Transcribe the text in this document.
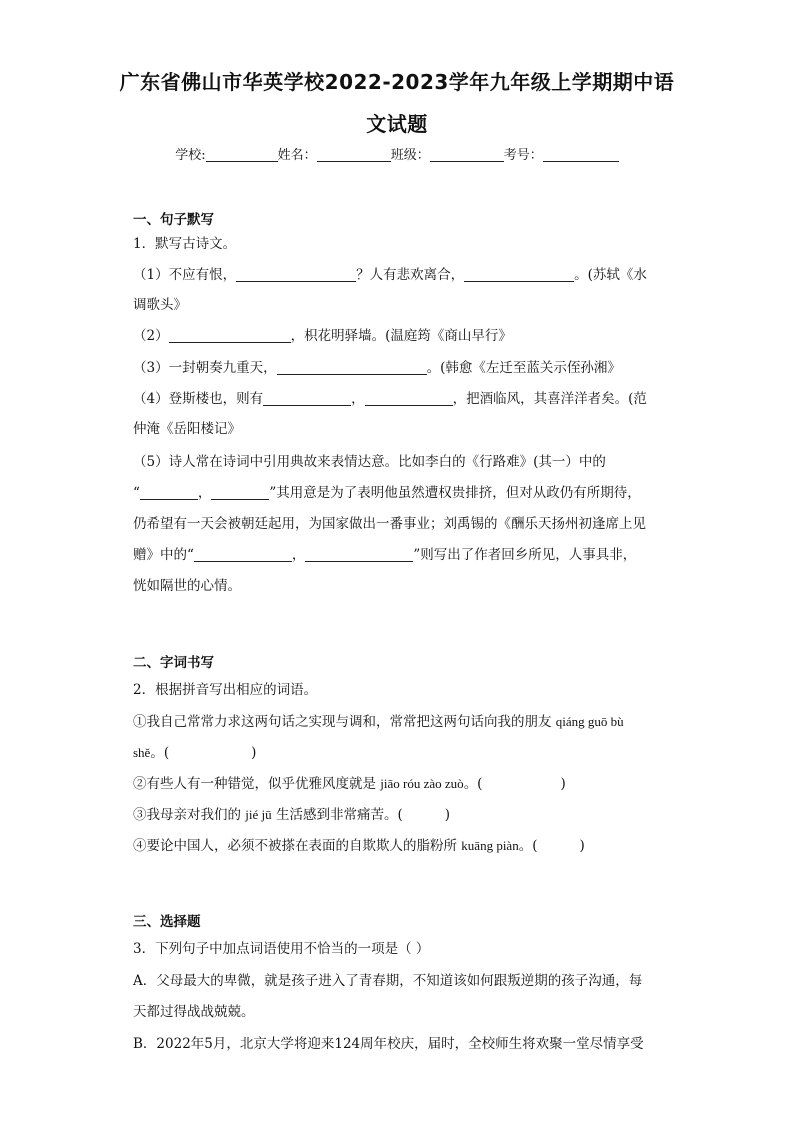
广东省佛山市华英学校2022-2023学年九年级上学期期中语
文试题
学校:	姓名：	班级：	考号：
一、句子默写
1．默写古诗文。
（1）不应有恨，	？人有悲欢离合，	。(苏轼《水
调歌头》
（2）	，枳花明驿墙。(温庭筠《商山早行》
（3）一封朝奏九重天，	。(韩愈《左迁至蓝关示侄孙湘》
（4）登斯楼也，则有	，	，把酒临风，其喜洋洋者矣。(范
仲淹《岳阳楼记》
（5）诗人常在诗词中引用典故来表情达意。比如李白的《行路难》(其一）中的
“	，	”其用意是为了表明他虽然遭权贵排挤，但对从政仍有所期待，
仍希望有一天会被朝廷起用，为国家做出一番事业；刘禹锡的《酬乐天扬州初逢席上见
赠》中的“	，	”则写出了作者回乡所见，人事具非，
恍如隔世的心情。
二、字词书写
2．根据拼音写出相应的词语。
①我自己常常力求这两句话之实现与调和，常常把这两句话向我的朋友 qiáng guō bù
shě。(	)
②有些人有一种错觉，似乎优雅风度就是 jiāo róu zào zuò。(	)
③我母亲对我们的 jié jū 生活感到非常痛苦。(	)
④要论中国人，必须不被搽在表面的自欺欺人的脂粉所 kuāng piàn。(	)
三、选择题
3．下列句子中加点词语使用不恰当的一项是（ ）
A．父母最大的卑微，就是孩子进入了青春期，不知道该如何跟叛逆期的孩子沟通，每
天都过得战战兢兢。
B．2022年5月，北京大学将迎来124周年校庆，届时，全校师生将欢聚一堂尽情享受
